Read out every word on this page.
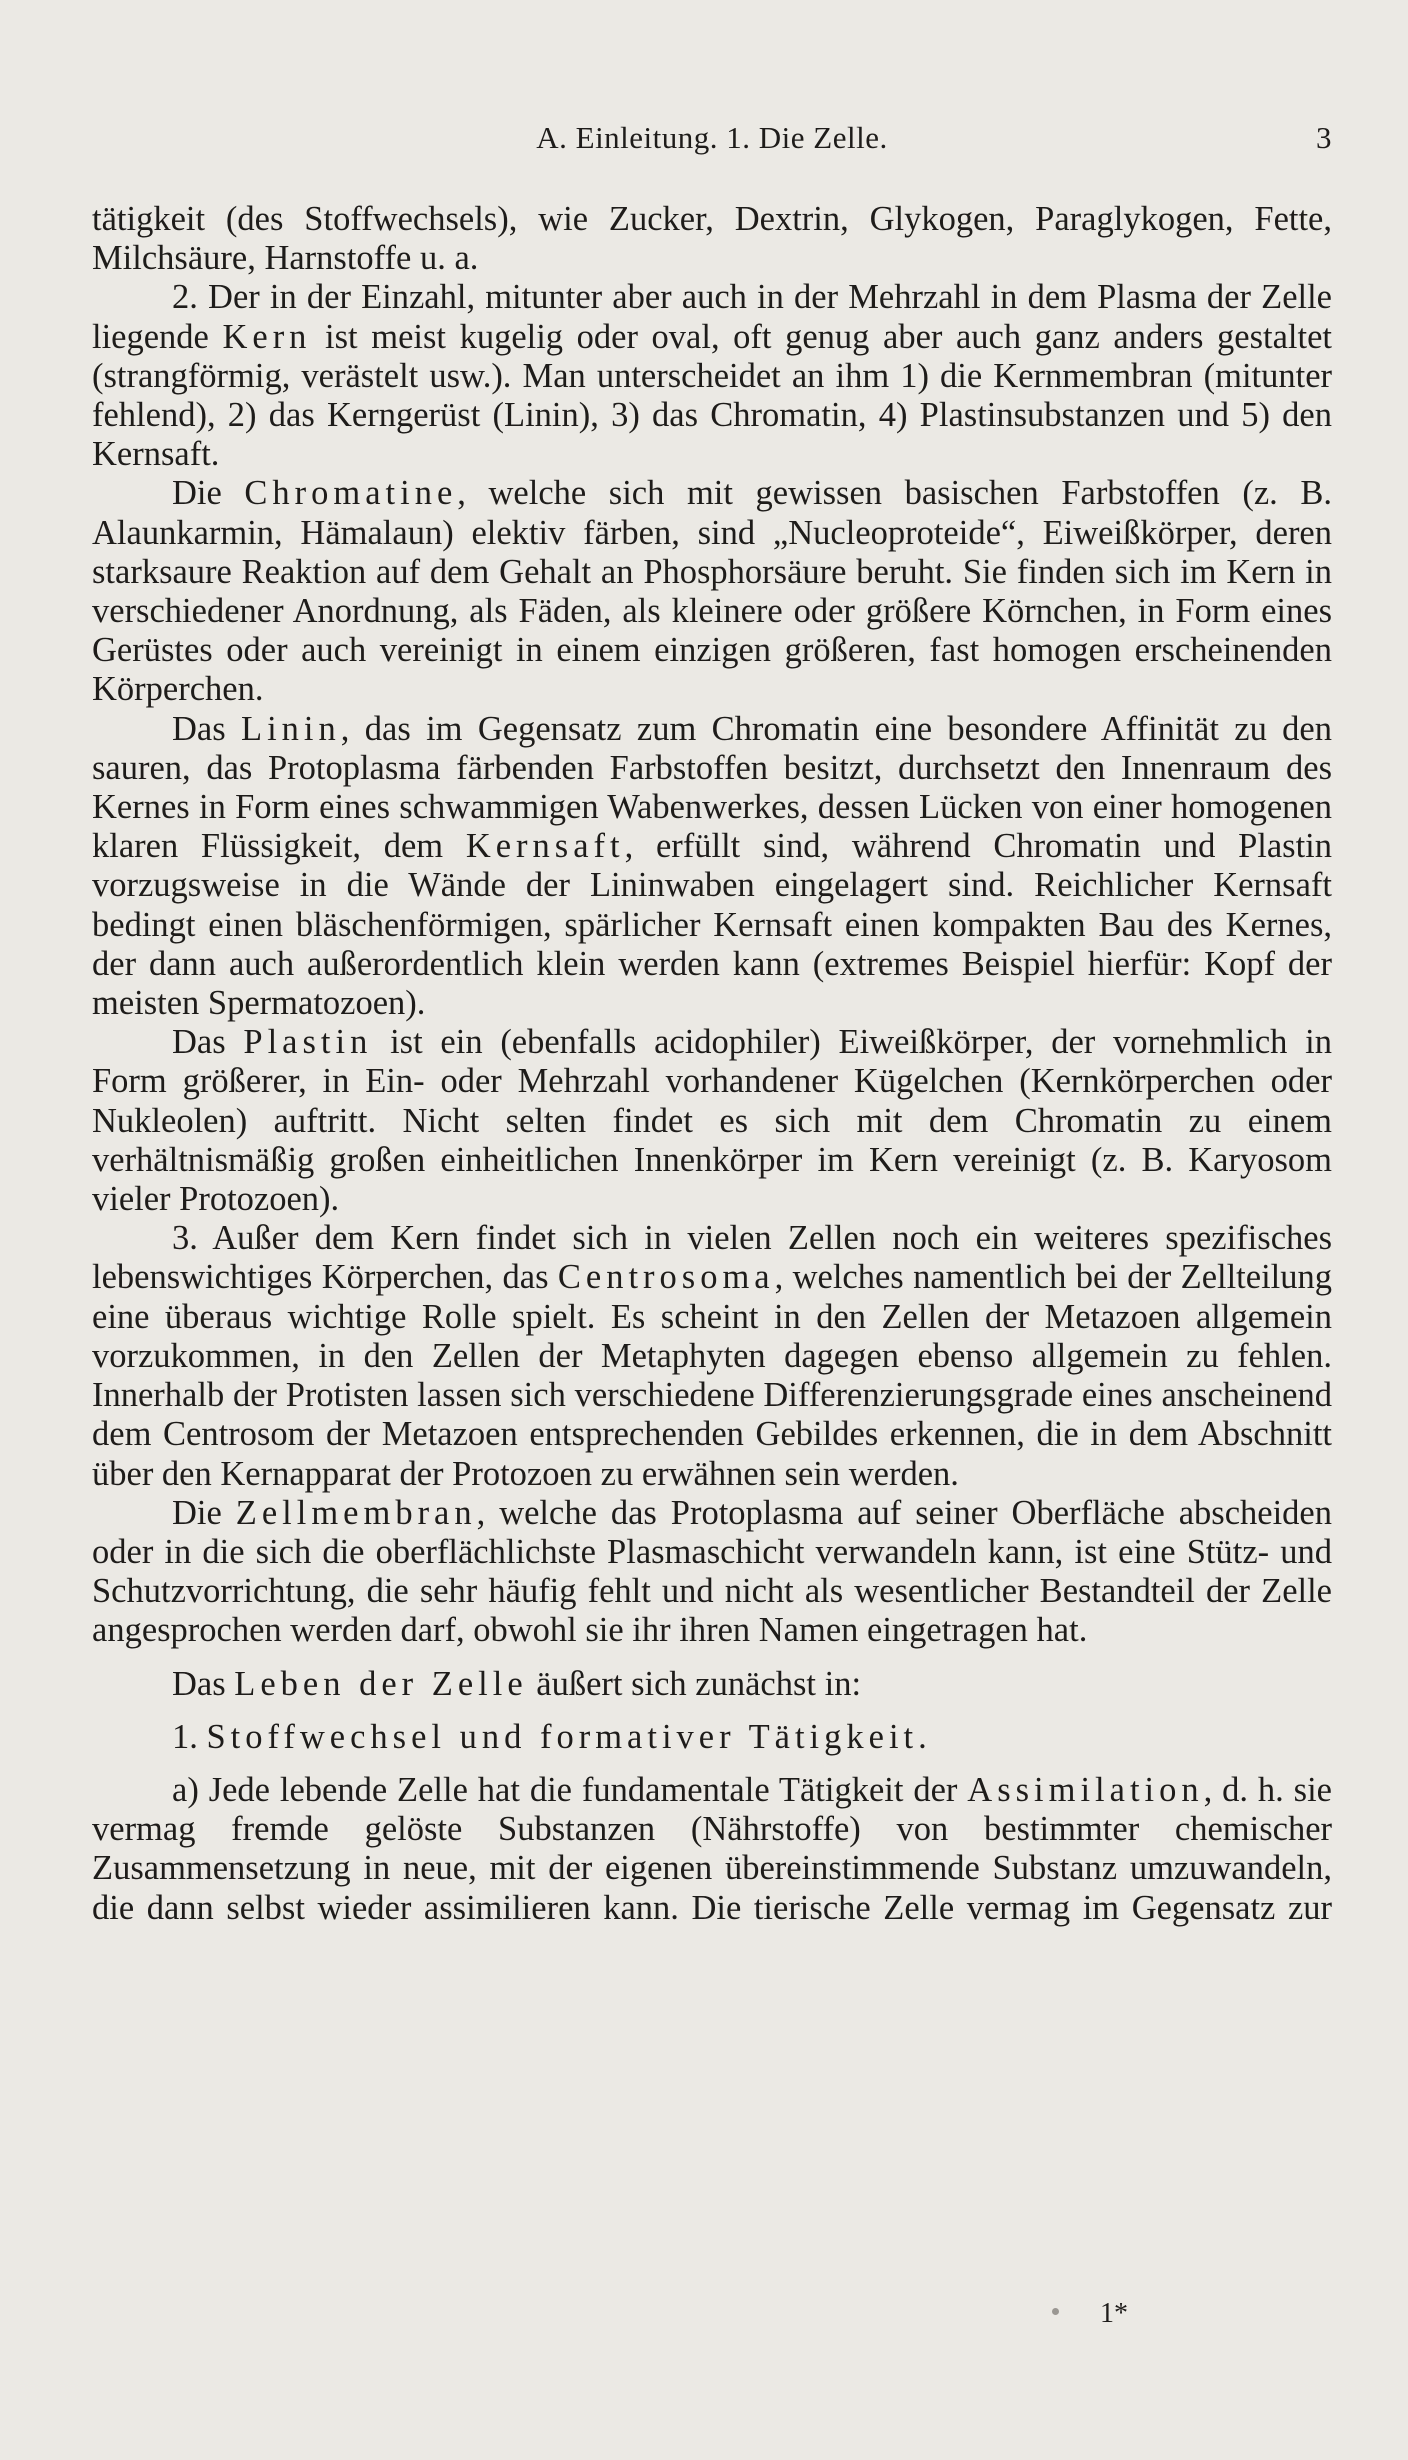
A. Einleitung. 1. Die Zelle.	3

tätigkeit (des Stoffwechsels), wie Zucker, Dextrin, Glykogen, Paraglykogen, Fette, Milchsäure, Harnstoffe u. a.

2. Der in der Einzahl, mitunter aber auch in der Mehrzahl in dem Plasma der Zelle liegende Kern ist meist kugelig oder oval, oft genug aber auch ganz anders gestaltet (strangförmig, verästelt usw.). Man unterscheidet an ihm 1) die Kernmembran (mitunter fehlend), 2) das Kerngerüst (Linin), 3) das Chromatin, 4) Plastinsubstanzen und 5) den Kernsaft.

Die Chromatine, welche sich mit gewissen basischen Farbstoffen (z. B. Alaunkarmin, Hämalaun) elektiv färben, sind „Nucleoproteide“, Eiweißkörper, deren starksaure Reaktion auf dem Gehalt an Phosphorsäure beruht. Sie finden sich im Kern in verschiedener Anordnung, als Fäden, als kleinere oder größere Körnchen, in Form eines Gerüstes oder auch vereinigt in einem einzigen größeren, fast homogen erscheinenden Körperchen.

Das Linin, das im Gegensatz zum Chromatin eine besondere Affinität zu den sauren, das Protoplasma färbenden Farbstoffen besitzt, durchsetzt den Innenraum des Kernes in Form eines schwammigen Wabenwerkes, dessen Lücken von einer homogenen klaren Flüssigkeit, dem Kernsaft, erfüllt sind, während Chromatin und Plastin vorzugsweise in die Wände der Lininwaben eingelagert sind. Reichlicher Kernsaft bedingt einen bläschenförmigen, spärlicher Kernsaft einen kompakten Bau des Kernes, der dann auch außerordentlich klein werden kann (extremes Beispiel hierfür: Kopf der meisten Spermatozoen).

Das Plastin ist ein (ebenfalls acidophiler) Eiweißkörper, der vornehmlich in Form größerer, in Ein- oder Mehrzahl vorhandener Kügelchen (Kernkörperchen oder Nukleolen) auftritt. Nicht selten findet es sich mit dem Chromatin zu einem verhältnismäßig großen einheitlichen Innenkörper im Kern vereinigt (z. B. Karyosom vieler Protozoen).

3. Außer dem Kern findet sich in vielen Zellen noch ein weiteres spezifisches lebenswichtiges Körperchen, das Centrosoma, welches namentlich bei der Zellteilung eine überaus wichtige Rolle spielt. Es scheint in den Zellen der Metazoen allgemein vorzukommen, in den Zellen der Metaphyten dagegen ebenso allgemein zu fehlen. Innerhalb der Protisten lassen sich verschiedene Differenzierungsgrade eines anscheinend dem Centrosom der Metazoen entsprechenden Gebildes erkennen, die in dem Abschnitt über den Kernapparat der Protozoen zu erwähnen sein werden.

Die Zellmembran, welche das Protoplasma auf seiner Oberfläche abscheiden oder in die sich die oberflächlichste Plasmaschicht verwandeln kann, ist eine Stütz- und Schutzvorrichtung, die sehr häufig fehlt und nicht als wesentlicher Bestandteil der Zelle angesprochen werden darf, obwohl sie ihr ihren Namen eingetragen hat.

Das Leben der Zelle äußert sich zunächst in:

1. Stoffwechsel und formativer Tätigkeit.

a) Jede lebende Zelle hat die fundamentale Tätigkeit der Assimilation, d. h. sie vermag fremde gelöste Substanzen (Nährstoffe) von bestimmter chemischer Zusammensetzung in neue, mit der eigenen übereinstimmende Substanz umzuwandeln, die dann selbst wieder assimilieren kann. Die tierische Zelle vermag im Gegensatz zur

1*
